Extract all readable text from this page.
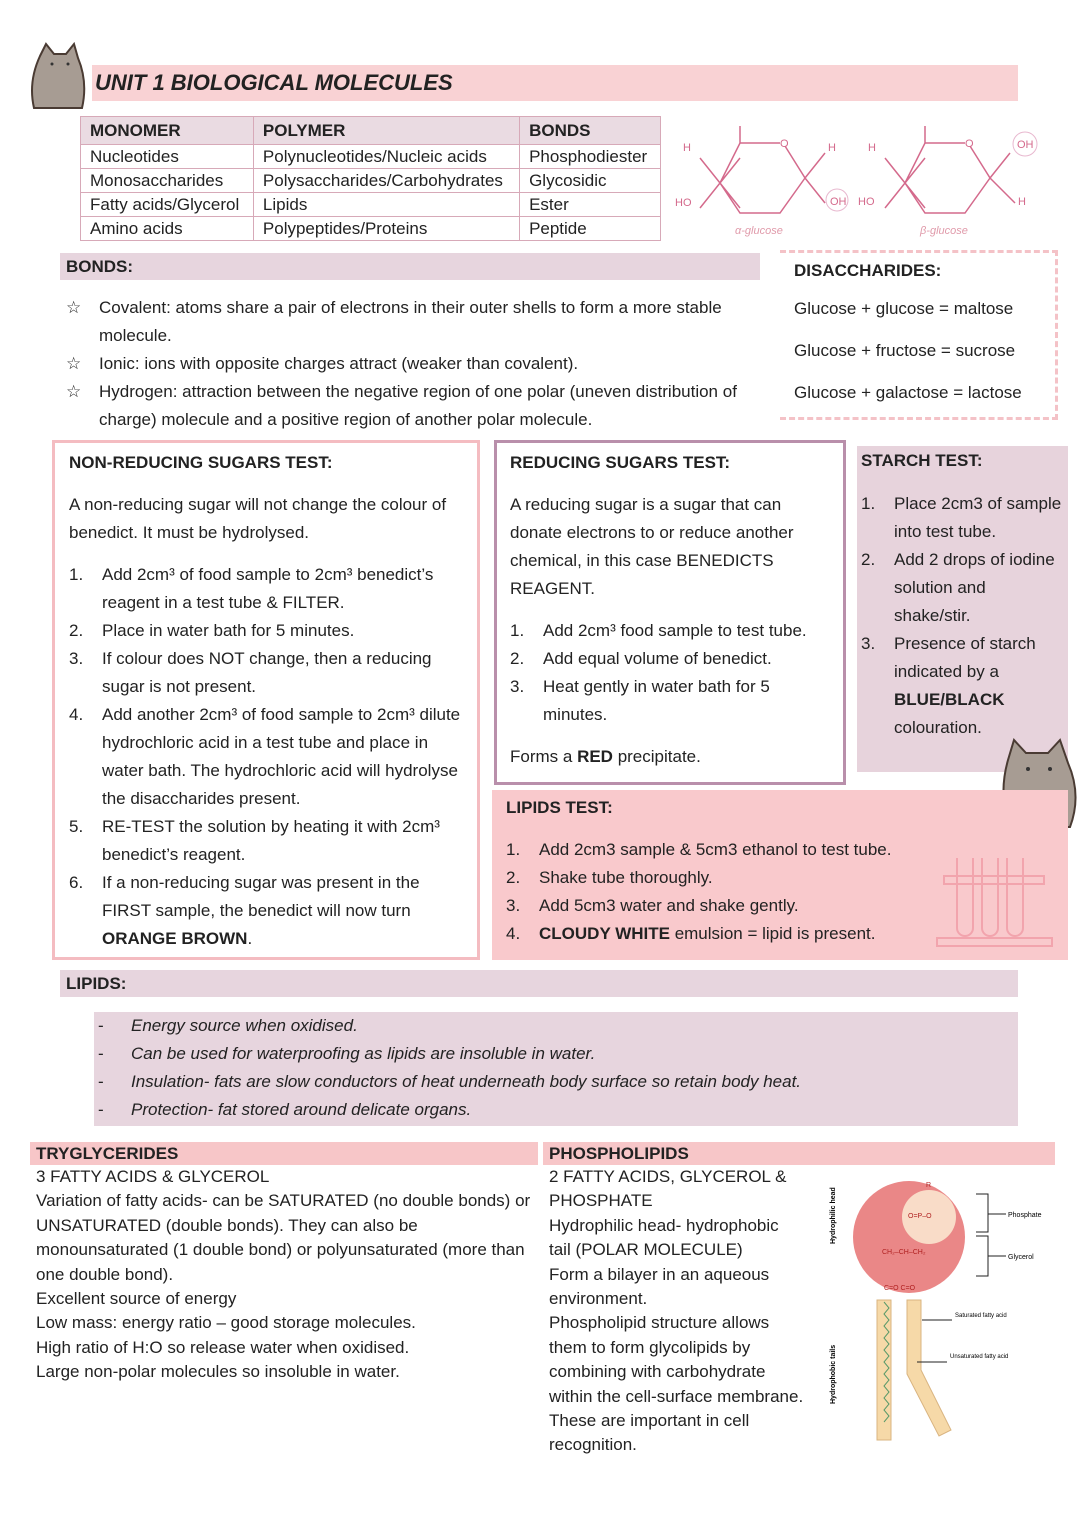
UNIT 1 BIOLOGICAL MOLECULES
MONOMER	POLYMER	BONDS
Nucleotides	Polynucleotides/Nucleic acids	Phosphodiester
Monosaccharides	Polysaccharides/Carbohydrates	Glycosidic
Fatty acids/Glycerol	Lipids	Ester
Amino acids	Polypeptides/Proteins	Peptide
H
HO
O	H
OH
H
HO
O	OH
H
α-glucose	β-glucose
BONDS:
☆ Covalent: atoms share a pair of electrons in their outer shells to form a more stable molecule.
☆ Ionic: ions with opposite charges attract (weaker than covalent).
☆ Hydrogen: attraction between the negative region of one polar (uneven distribution of charge) molecule and a positive region of another polar molecule.
DISACCHARIDES:
Glucose + glucose = maltose
Glucose + fructose = sucrose
Glucose + galactose = lactose
NON-REDUCING SUGARS TEST:
A non-reducing sugar will not change the colour of benedict. It must be hydrolysed.
1. Add 2cm³ of food sample to 2cm³ benedict’s reagent in a test tube & FILTER.
2. Place in water bath for 5 minutes.
3. If colour does NOT change, then a reducing sugar is not present.
4. Add another 2cm³ of food sample to 2cm³ dilute hydrochloric acid in a test tube and place in water bath. The hydrochloric acid will hydrolyse the disaccharides present.
5. RE-TEST the solution by heating it with 2cm³ benedict’s reagent.
6. If a non-reducing sugar was present in the FIRST sample, the benedict will now turn ORANGE BROWN.
REDUCING SUGARS TEST:
A reducing sugar is a sugar that can donate electrons to or reduce another chemical, in this case BENEDICTS REAGENT.
1. Add 2cm³ food sample to test tube.
2. Add equal volume of benedict.
3. Heat gently in water bath for 5 minutes.
Forms a RED precipitate.
STARCH TEST:
1. Place 2cm3 of sample into test tube.
2. Add 2 drops of iodine solution and shake/stir.
3. Presence of starch indicated by a
BLUE/BLACK
colouration.
LIPIDS TEST:
1. Add 2cm3 sample & 5cm3 ethanol to test tube.
2. Shake tube thoroughly.
3. Add 5cm3 water and shake gently.
4. CLOUDY WHITE emulsion = lipid is present.
LIPIDS:
- Energy source when oxidised.
- Can be used for waterproofing as lipids are insoluble in water.
- Insulation- fats are slow conductors of heat underneath body surface so retain body heat.
- Protection- fat stored around delicate organs.
TRYGLYCERIDES
3 FATTY ACIDS & GLYCEROL
Variation of fatty acids- can be SATURATED (no double bonds) or UNSATURATED (double bonds). They can also be monounsaturated (1 double bond) or polyunsaturated (more than one double bond).
Excellent source of energy
Low mass: energy ratio – good storage molecules.
High ratio of H:O so release water when oxidised.
Large non-polar molecules so insoluble in water.
PHOSPHOLIPIDS
2 FATTY ACIDS, GLYCEROL & PHOSPHATE
Hydrophilic head- hydrophobic tail (POLAR MOLECULE)
Form a bilayer in an aqueous environment.
Phospholipid structure allows them to form glycolipids by combining with carbohydrate within the cell-surface membrane. These are important in cell recognition.
Hydrophilic head
Hydrophobic tails
R
O=P–O
CH₂–CH–CH₂
C=O C=O
Phosphate
Glycerol
Saturated fatty acid
Unsaturated fatty acid
